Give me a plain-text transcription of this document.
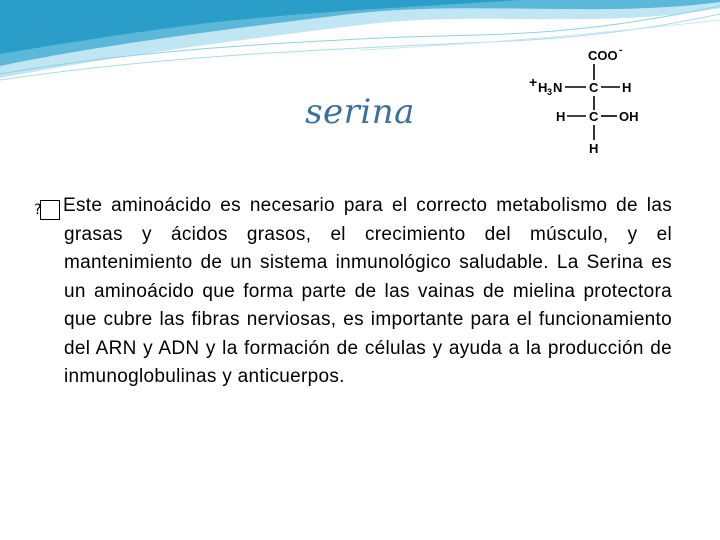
serina
COO -
+ H 3 N C H
H C OH
H
? Este aminoácido es necesario para el correcto metabolismo de las grasas y ácidos grasos, el crecimiento del músculo, y el mantenimiento de un sistema inmunológico saludable. La Serina es un aminoácido que forma parte de las vainas de mielina protectora que cubre las fibras nerviosas, es importante para el funcionamiento del ARN y ADN y la formación de células y ayuda a la producción de inmunoglobulinas y anticuerpos.
